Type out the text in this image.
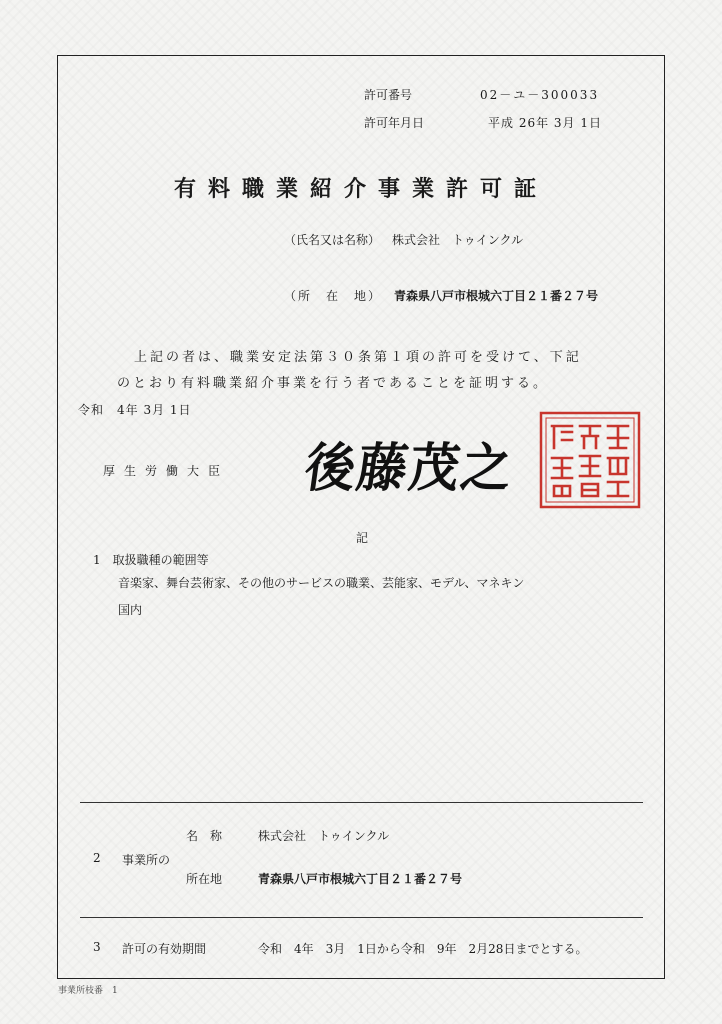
許可番号	02－ユ－300033
許可年月日	平成 26年 3月 1日
有料職業紹介事業許可証
（氏名又は名称） 株式会社　トゥインクル
（所　在　地） 青森県八戸市根城六丁目２１番２７号
上記の者は、職業安定法第３０条第１項の許可を受けて、下記
のとおり有料職業紹介事業を行う者であることを証明する。
令和　4年 3月 1日
厚生労働大臣 後藤茂之
記
1　取扱職種の範囲等
音楽家、舞台芸術家、その他のサービスの職業、芸能家、モデル、マネキン
国内
名　称	株式会社　トゥインクル
2 事業所の
所在地	青森県八戸市根城六丁目２１番２７号
3 許可の有効期間	令和　4年　3月　1日から令和　9年　2月28日までとする。
事業所枝番　1
